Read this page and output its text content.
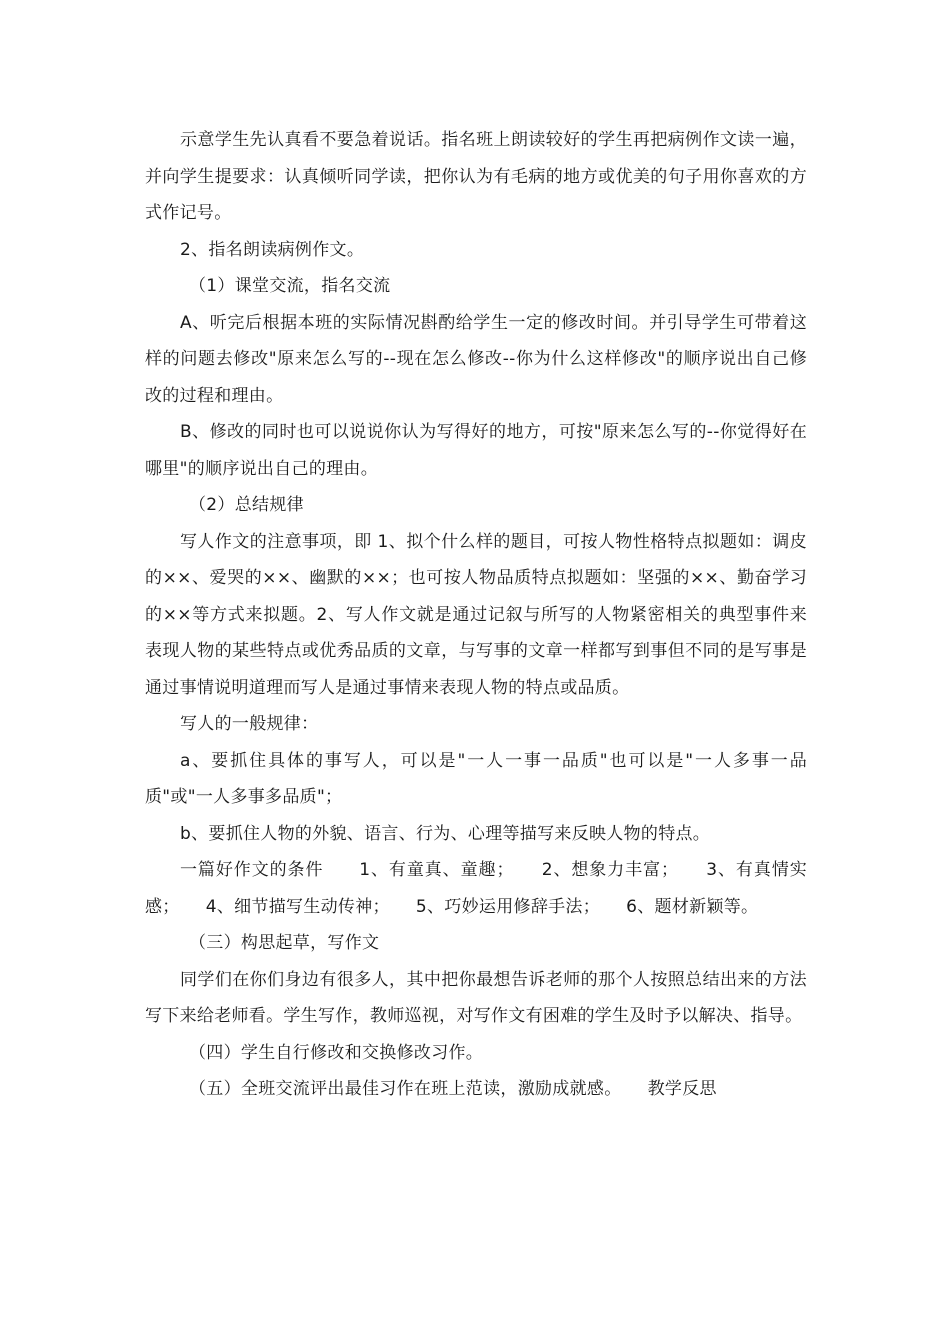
示意学生先认真看不要急着说话。指名班上朗读较好的学生再把病例作文读一遍，并向学生提要求：认真倾听同学读，把你认为有毛病的地方或优美的句子用你喜欢的方式作记号。

2、指名朗读病例作文。

（1）课堂交流，指名交流

A、听完后根据本班的实际情况斟酌给学生一定的修改时间。并引导学生可带着这样的问题去修改"原来怎么写的--现在怎么修改--你为什么这样修改"的顺序说出自己修改的过程和理由。

B、修改的同时也可以说说你认为写得好的地方，可按"原来怎么写的--你觉得好在哪里"的顺序说出自己的理由。

（2）总结规律

写人作文的注意事项，即 1、拟个什么样的题目，可按人物性格特点拟题如：调皮的××、爱哭的××、幽默的××；也可按人物品质特点拟题如：坚强的××、勤奋学习的××等方式来拟题。2、写人作文就是通过记叙与所写的人物紧密相关的典型事件来表现人物的某些特点或优秀品质的文章，与写事的文章一样都写到事但不同的是写事是通过事情说明道理而写人是通过事情来表现人物的特点或品质。

写人的一般规律：

a、要抓住具体的事写人，可以是"一人一事一品质"也可以是"一人多事一品质"或"一人多事多品质"；

b、要抓住人物的外貌、语言、行为、心理等描写来反映人物的特点。

一篇好作文的条件　　1、有童真、童趣；　　2、想象力丰富；　　3、有真情实感；　　4、细节描写生动传神；　　5、巧妙运用修辞手法；　　6、题材新颖等。

（三）构思起草，写作文

同学们在你们身边有很多人，其中把你最想告诉老师的那个人按照总结出来的方法写下来给老师看。学生写作，教师巡视，对写作文有困难的学生及时予以解决、指导。

（四）学生自行修改和交换修改习作。

（五）全班交流评出最佳习作在班上范读，激励成就感。　　教学反思
